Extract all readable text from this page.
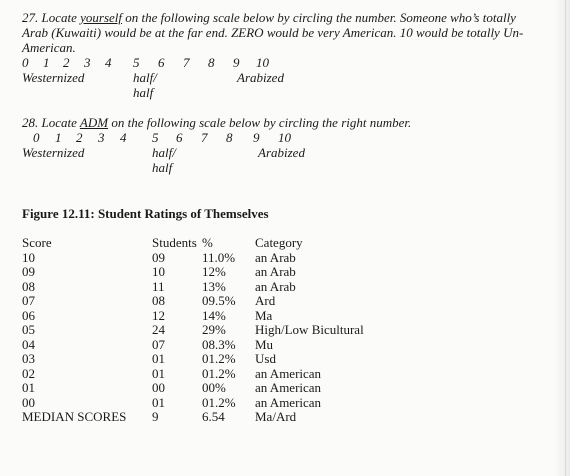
27. Locate yourself on the following scale below by circling the number. Someone who’s totally
Arab (Kuwaiti) would be at the far end. ZERO would be very American. 10 would be totally Un-
American.
0 1 2 3 4 5 6 7 8 9 10
Westernized	half/
half
Arabized
28. Locate ADM on the following scale below by circling the right number.
0 1 2 3 4 5 6 7 8 9 10
Westernized	half/
half
Arabized
Figure 12.11: Student Ratings of Themselves
Score	Students %	Category
10	09	11.0% an Arab
09	10	12% an Arab
08	11	13% an Arab
07	08	09.5% Ard
06	12	14% Ma
05	24	29% High/Low Bicultural
04	07	08.3% Mu
03	01	01.2% Usd
02	01	01.2% an American
01	00	00% an American
00	01	01.2% an American
MEDIAN SCORES 9	6.54 Ma/Ard
